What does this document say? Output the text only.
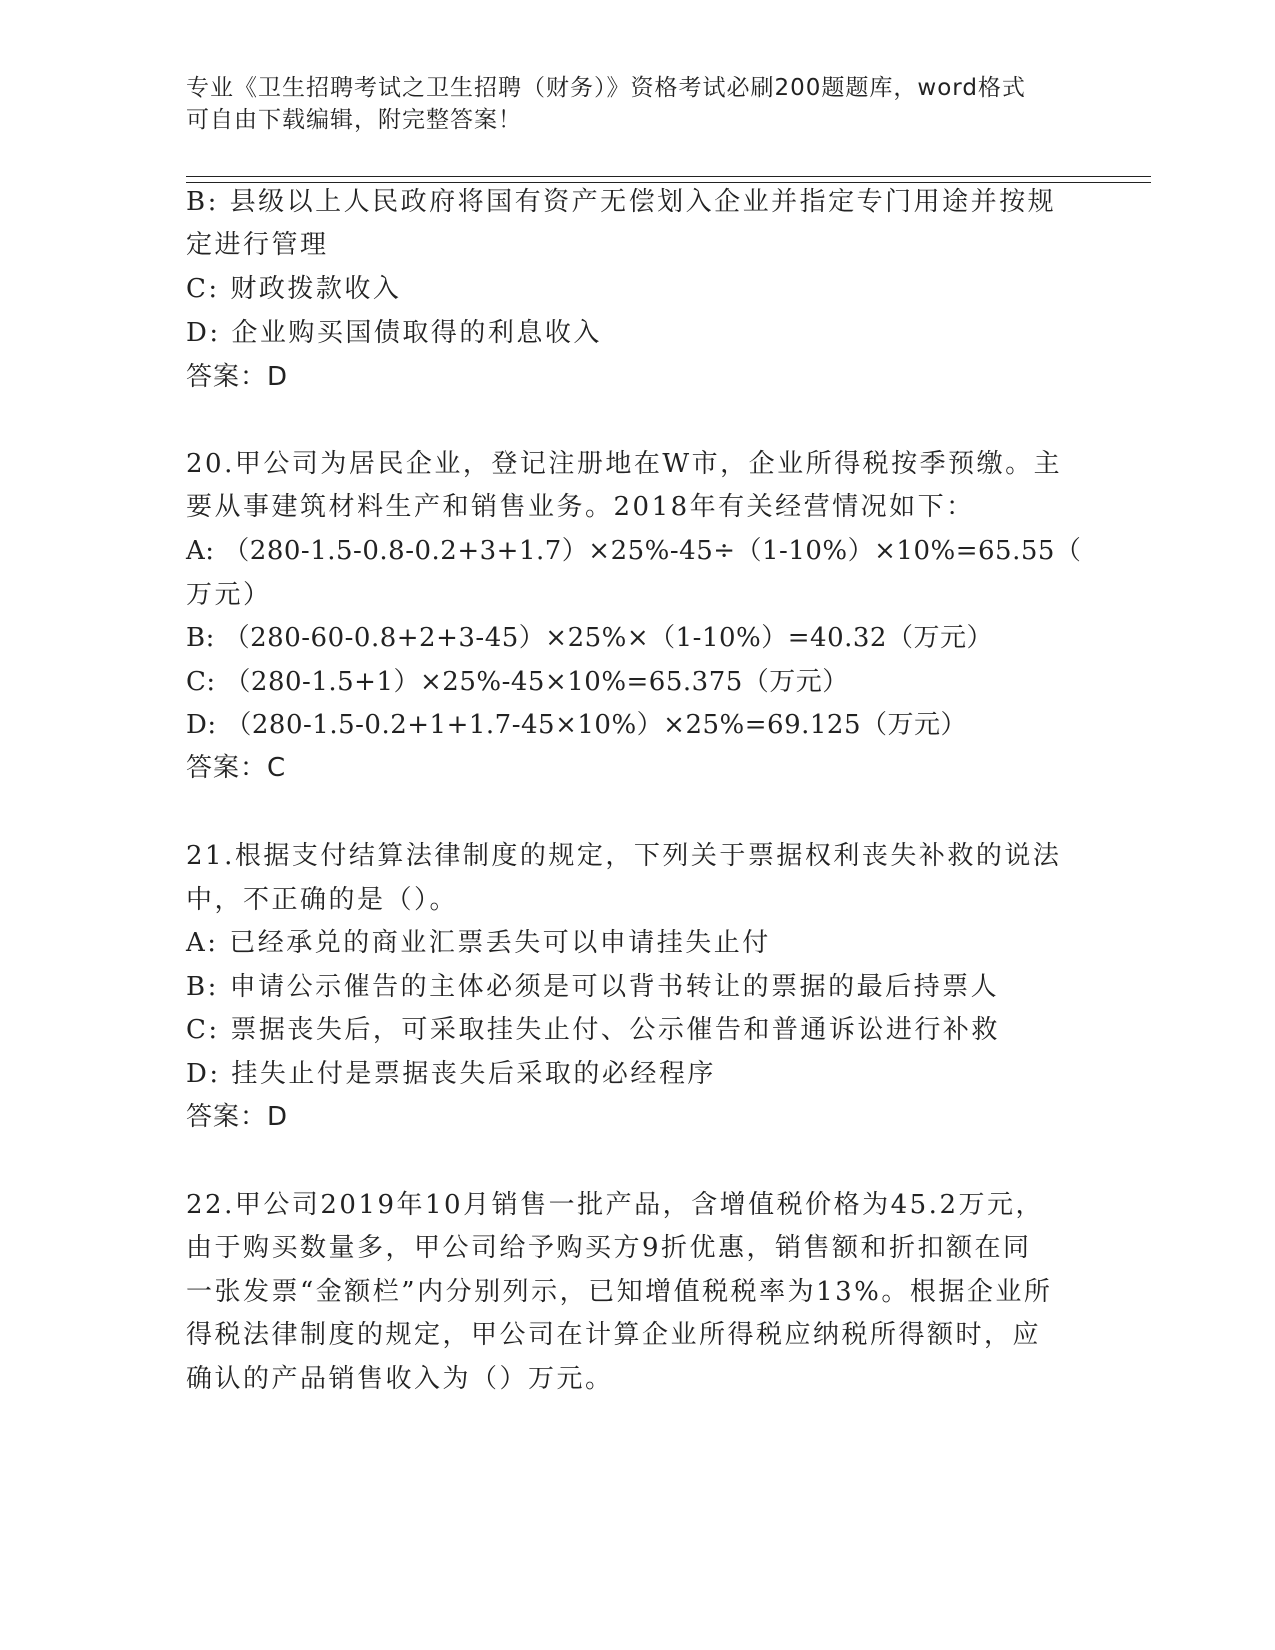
专业《卫生招聘考试之卫生招聘（财务）》资格考试必刷200题题库，word格式
可自由下载编辑，附完整答案！
B: 县级以上人民政府将国有资产无偿划入企业并指定专门用途并按规
定进行管理
C: 财政拨款收入
D: 企业购买国债取得的利息收入
答案：D
20.甲公司为居民企业，登记注册地在W市，企业所得税按季预缴。主
要从事建筑材料生产和销售业务。2018年有关经营情况如下：
A: （280-1.5-0.8-0.2+3+1.7）×25%-45÷（1-10%）×10%=65.55（
万元）
B: （280-60-0.8+2+3-45）×25%×（1-10%）=40.32（万元）
C: （280-1.5+1）×25%-45×10%=65.375（万元）
D: （280-1.5-0.2+1+1.7-45×10%）×25%=69.125（万元）
答案：C
21.根据支付结算法律制度的规定，下列关于票据权利丧失补救的说法
中，不正确的是（）。
A: 已经承兑的商业汇票丢失可以申请挂失止付
B: 申请公示催告的主体必须是可以背书转让的票据的最后持票人
C: 票据丧失后，可采取挂失止付、公示催告和普通诉讼进行补救
D: 挂失止付是票据丧失后采取的必经程序
答案：D
22.甲公司2019年10月销售一批产品，含增值税价格为45.2万元，
由于购买数量多，甲公司给予购买方9折优惠，销售额和折扣额在同
一张发票“金额栏”内分别列示，已知增值税税率为13%。根据企业所
得税法律制度的规定，甲公司在计算企业所得税应纳税所得额时，应
确认的产品销售收入为（）万元。
